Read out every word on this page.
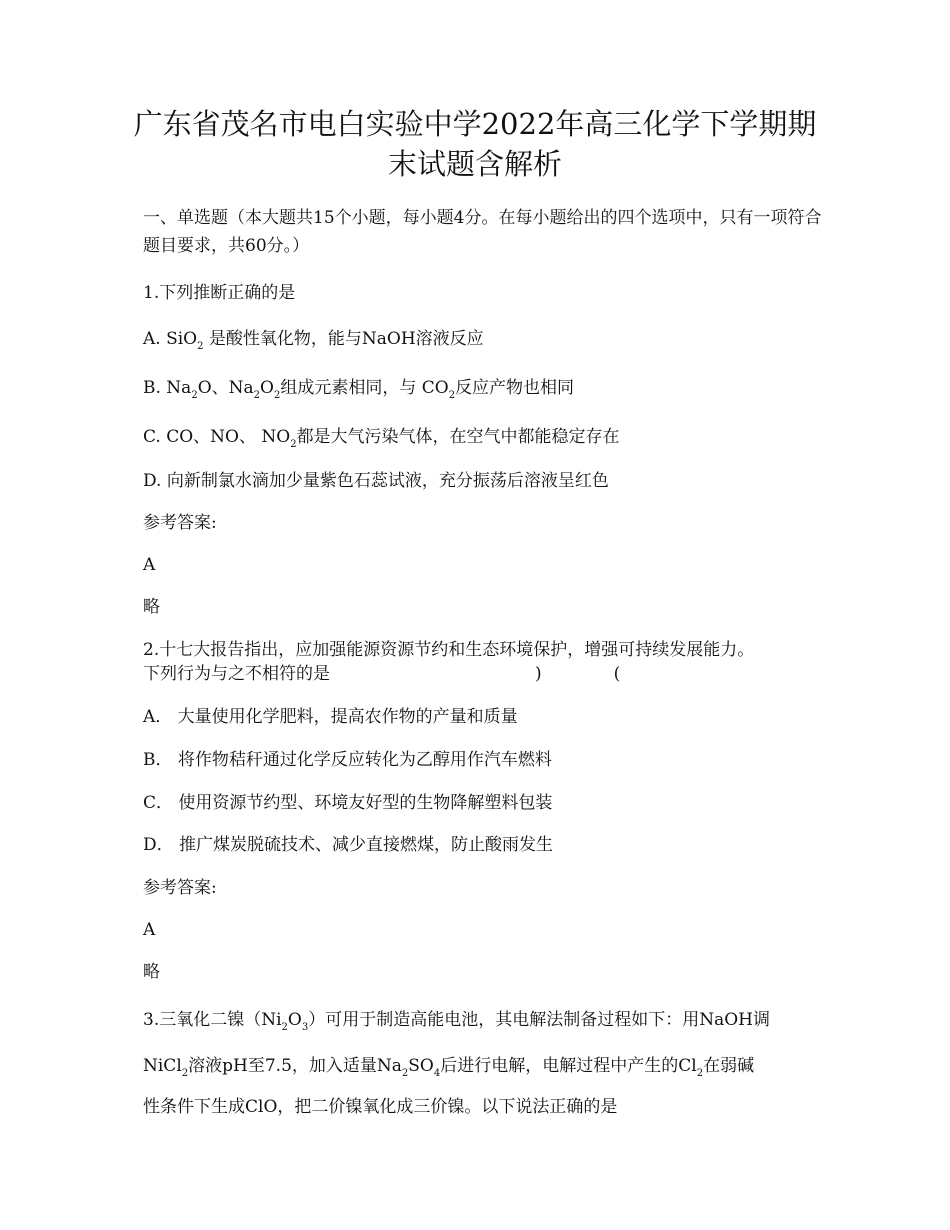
广东省茂名市电白实验中学2022年高三化学下学期期末试题含解析
一、单选题（本大题共15个小题，每小题4分。在每小题给出的四个选项中，只有一项符合题目要求，共60分。）
1.下列推断正确的是
A. SiO$_2$ 是酸性氧化物，能与NaOH溶液反应
B. $Na_2O$、$Na_2O_2$组成元素相同，与 $CO_2$反应产物也相同
C. CO、NO、 $NO_2$都是大气污染气体，在空气中都能稳定存在
D. 向新制氯水滴加少量紫色石蕊试液，充分振荡后溶液呈红色
参考答案:
A
略
2.十七大报告指出，应加强能源资源节约和生态环境保护，增强可持续发展能力。
下列行为与之不相符的是	)	(
A． 大量使用化学肥料，提高农作物的产量和质量
B． 将作物秸秆通过化学反应转化为乙醇用作汽车燃料
C． 使用资源节约型、环境友好型的生物降解塑料包装
D． 推广煤炭脱硫技术、减少直接燃煤，防止酸雨发生
参考答案:
A
略
3.三氧化二镍$(Ni_2O_3)$可用于制造高能电池，其电解法制备过程如下：用NaOH调
NiCl$_2$溶液pH至7.5，加入适量$Na_2SO_4$后进行电解，电解过程中产生的$Cl_2$在弱碱
性条件下生成ClO，把二价镍氧化成三价镍。以下说法正确的是
